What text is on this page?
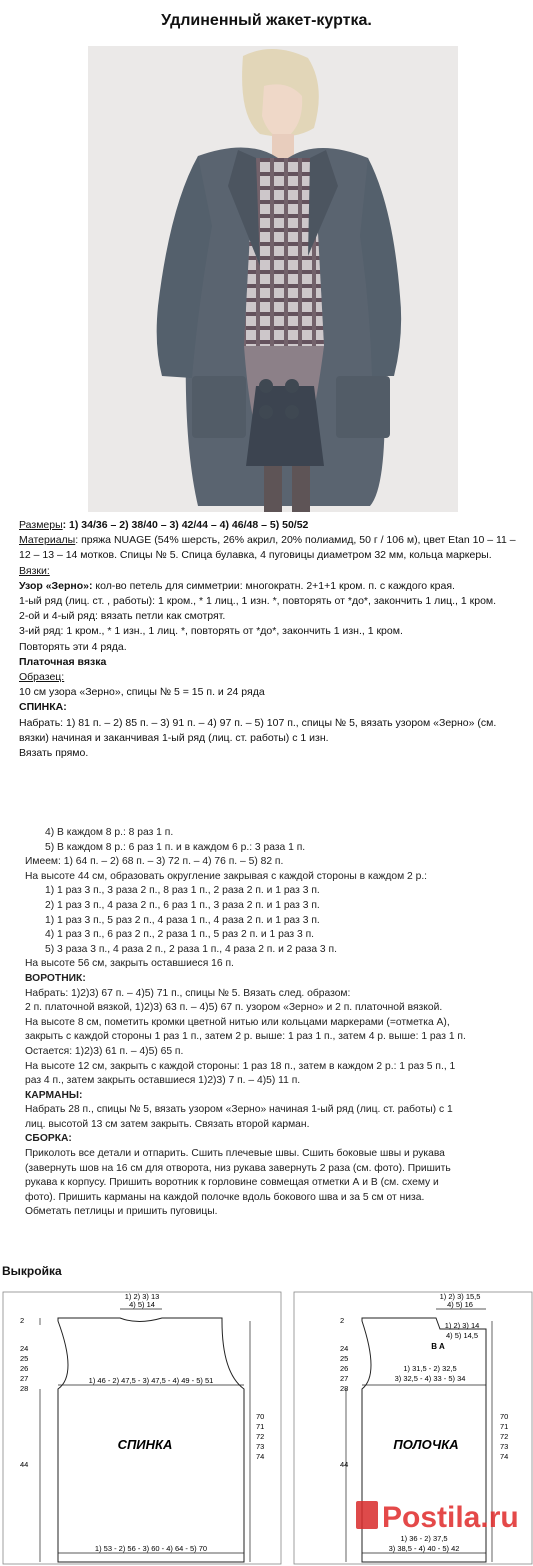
Удлиненный жакет-куртка.

Размеры: 1) 34/36 – 2) 38/40 – 3) 42/44 – 4) 46/48 – 5) 50/52

Материалы: пряжа NUAGE (54% шерсть, 26% акрил, 20% полиамид, 50 г / 106 м), цвет Etan 10 – 11 – 12 – 13 – 14 мотков. Спицы № 5. Спица булавка, 4 пуговицы диаметром 32 мм, кольца маркеры.

Вязки:

Узор «Зерно»: кол-во петель для симметрии: многократн. 2+1+1 кром. п. с каждого края.

1-ый ряд (лиц. ст. , работы): 1 кром., * 1 лиц., 1 изн. *, повторять от *до*, закончить 1 лиц., 1 кром.

2-ой и 4-ый ряд: вязать петли как смотрят.

3-ий ряд: 1 кром., * 1 изн., 1 лиц. *, повторять от *до*, закончить 1 изн., 1 кром.

Повторять эти 4 ряда.

Платочная вязка

Образец:

10 см узора «Зерно», спицы № 5 = 15 п. и 24 ряда

СПИНКА:

Набрать: 1) 81 п. – 2) 85 п. – 3) 91 п. – 4) 97 п. – 5) 107 п., спицы № 5, вязать узором «Зерно» (см. вязки) начиная и заканчивая 1-ый ряд (лиц. ст. работы) с 1 изн.

Вязать прямо.

4) В каждом 8 р.: 8 раз 1 п.

5) В каждом 8 р.: 6 раз 1 п. и в каждом 6 р.: 3 раза 1 п.

Имеем: 1) 64 п. – 2) 68 п. – 3) 72 п. – 4) 76 п. – 5) 82 п.

На высоте 44 см, образовать округление закрывая с каждой стороны в каждом 2 р.:

1) 1 раз 3 п., 3 раза 2 п., 8 раз 1 п., 2 раза 2 п. и 1 раз 3 п.

2) 1 раз 3 п., 4 раза 2 п., 6 раз 1 п., 3 раза 2 п. и 1 раз 3 п.

1) 1 раз 3 п., 5 раз 2 п., 4 раза 1 п., 4 раза 2 п. и 1 раз 3 п.

4) 1 раз 3 п., 6 раз 2 п., 2 раза 1 п., 5 раз 2 п. и 1 раз 3 п.

5) 3 раза 3 п., 4 раза 2 п., 2 раза 1 п., 4 раза 2 п. и 2 раза 3 п.

На высоте 56 см, закрыть оставшиеся 16 п.

ВОРОТНИК:

Набрать: 1)2)3) 67 п. – 4)5) 71 п., спицы № 5. Вязать след. образом:

2 п. платочной вязкой, 1)2)3) 63 п. – 4)5) 67 п. узором «Зерно» и 2 п. платочной вязкой.

На высоте 8 см, пометить кромки цветной нитью или кольцами маркерами (=отметка А),

закрыть с каждой стороны 1 раз 1 п., затем 2 р. выше: 1 раз 1 п., затем 4 р. выше: 1 раз 1 п.

Остается: 1)2)3) 61 п. – 4)5) 65 п.

На высоте 12 см, закрыть с каждой стороны: 1 раз 18 п., затем в каждом 2 р.: 1 раз 5 п., 1

раз 4 п., затем закрыть оставшиеся 1)2)3) 7 п. – 4)5) 11 п.

КАРМАНЫ:

Набрать 28 п., спицы № 5, вязать узором «Зерно» начиная 1-ый ряд (лиц. ст. работы) с 1

лиц. высотой 13 см затем закрыть. Связать второй карман.

СБОРКА:

Приколоть все детали и отпарить. Сшить плечевые швы. Сшить боковые швы и рукава

(завернуть шов на 16 см для отворота, низ рукава завернуть 2 раза (см. фото). Пришить

рукава к корпусу. Пришить воротник к горловине совмещая отметки А и В (см. схему и

фото). Пришить карманы на каждой полочке вдоль бокового шва и за 5 см от низа.

Обметать петлицы и пришить пуговицы.

Выкройка
1) 2) 3) 13
4) 5) 14
2
24
25
26
27
28
1) 46 - 2) 47,5 - 3) 47,5 - 4) 49 - 5) 51
СПИНКА
70
71
72
73
74
44
1) 53 - 2) 56 - 3) 60 - 4) 64 - 5) 70
1) 2) 3) 15,5
4) 5) 16
2
1) 2) 3) 14
4) 5) 14,5
B A
24
25
26
27
28
1) 31,5 - 2) 32,5
3) 32,5 - 4) 33 - 5) 34
ПОЛОЧКА
70
71
72
73
74
44
1) 36 - 2) 37,5
3) 38,5 - 4) 40 - 5) 42
Postila.ru
